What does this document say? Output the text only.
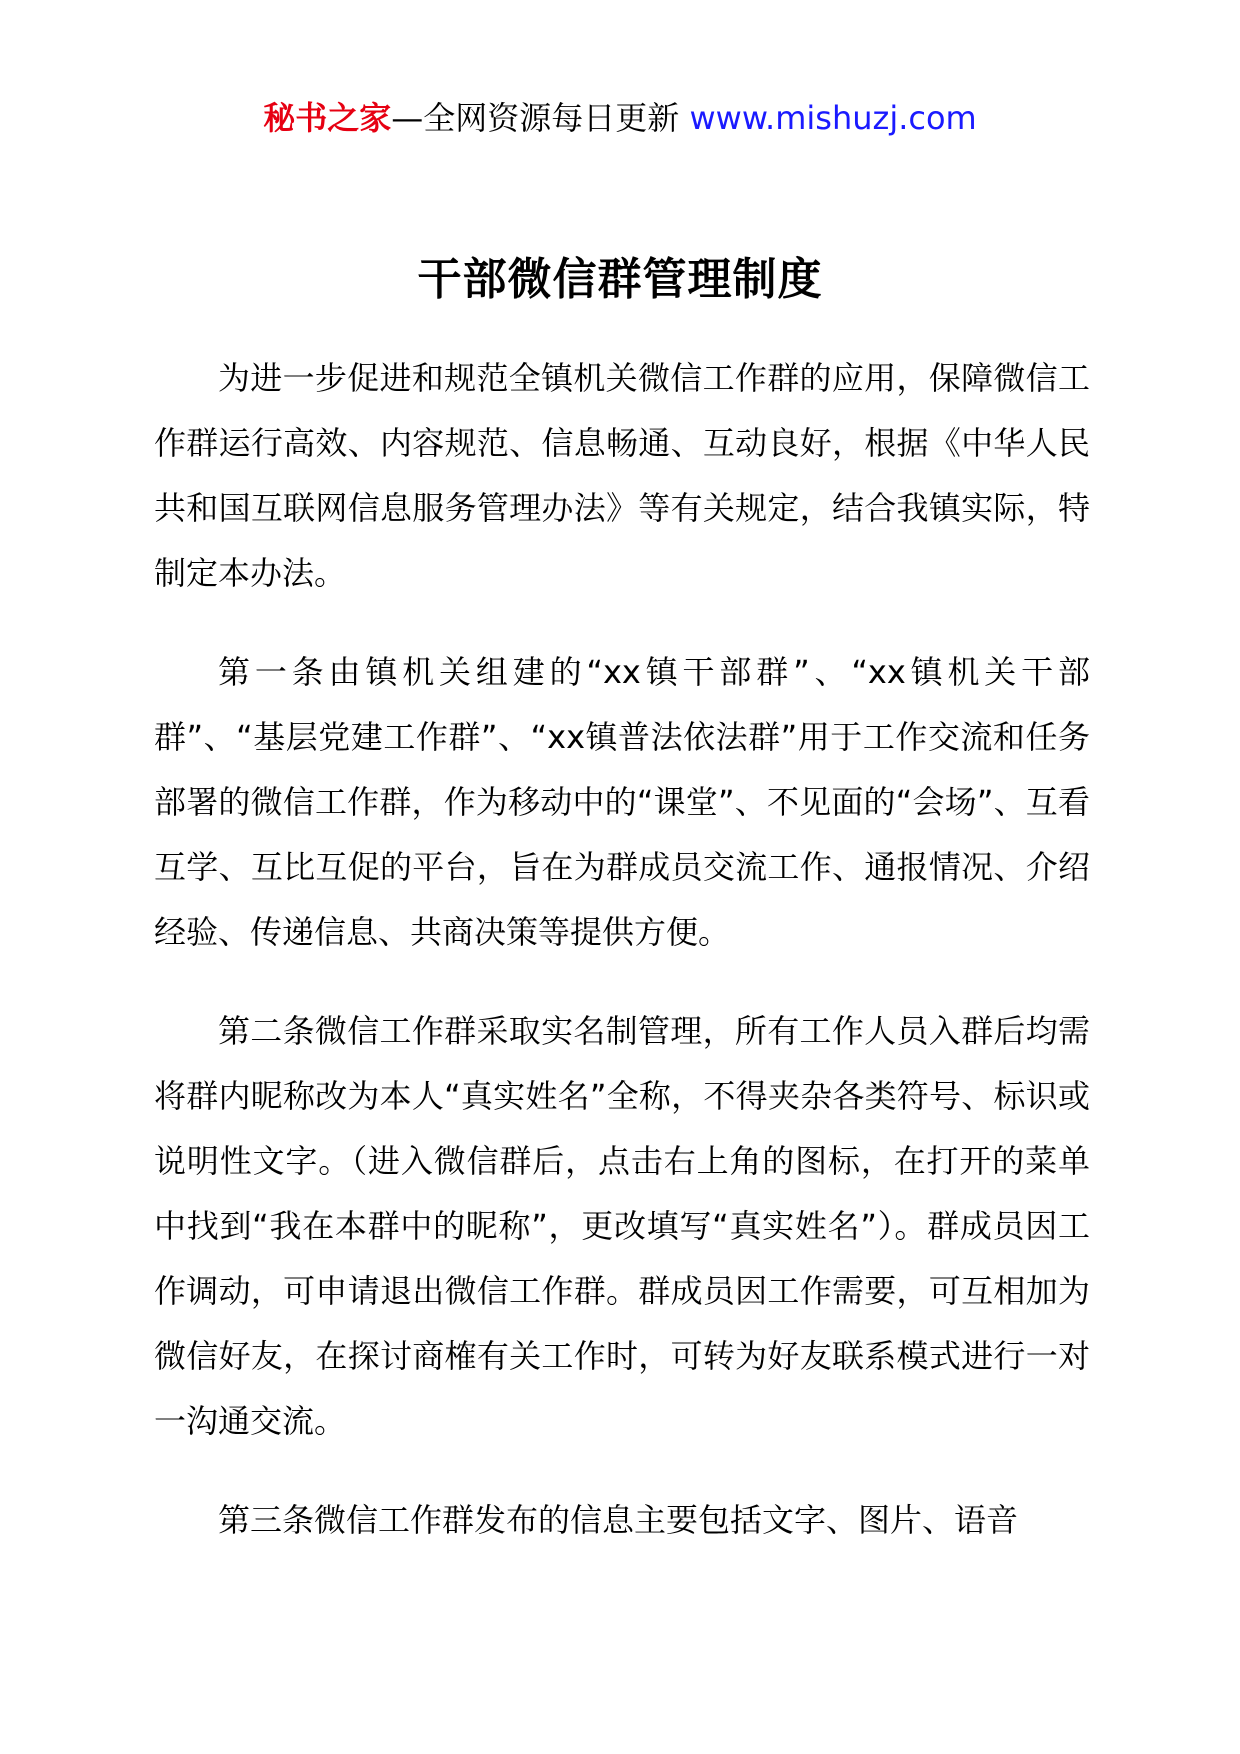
秘书之家—全网资源每日更新 www.mishuzj.com
干部微信群管理制度

为进一步促进和规范全镇机关微信工作群的应用，保障微信工作群运行高效、内容规范、信息畅通、互动良好，根据《中华人民共和国互联网信息服务管理办法》等有关规定，结合我镇实际，特制定本办法。

第一条由镇机关组建的“xx镇干部群”、“xx镇机关干部群”、“基层党建工作群”、“xx镇普法依法群”用于工作交流和任务部署的微信工作群，作为移动中的“课堂”、不见面的“会场”、互看互学、互比互促的平台，旨在为群成员交流工作、通报情况、介绍经验、传递信息、共商决策等提供方便。

第二条微信工作群采取实名制管理，所有工作人员入群后均需将群内昵称改为本人“真实姓名”全称，不得夹杂各类符号、标识或说明性文字。（进入微信群后，点击右上角的图标，在打开的菜单中找到“我在本群中的昵称”，更改填写“真实姓名”）。群成员因工作调动，可申请退出微信工作群。群成员因工作需要，可互相加为微信好友，在探讨商榷有关工作时，可转为好友联系模式进行一对一沟通交流。

第三条微信工作群发布的信息主要包括文字、图片、语音
